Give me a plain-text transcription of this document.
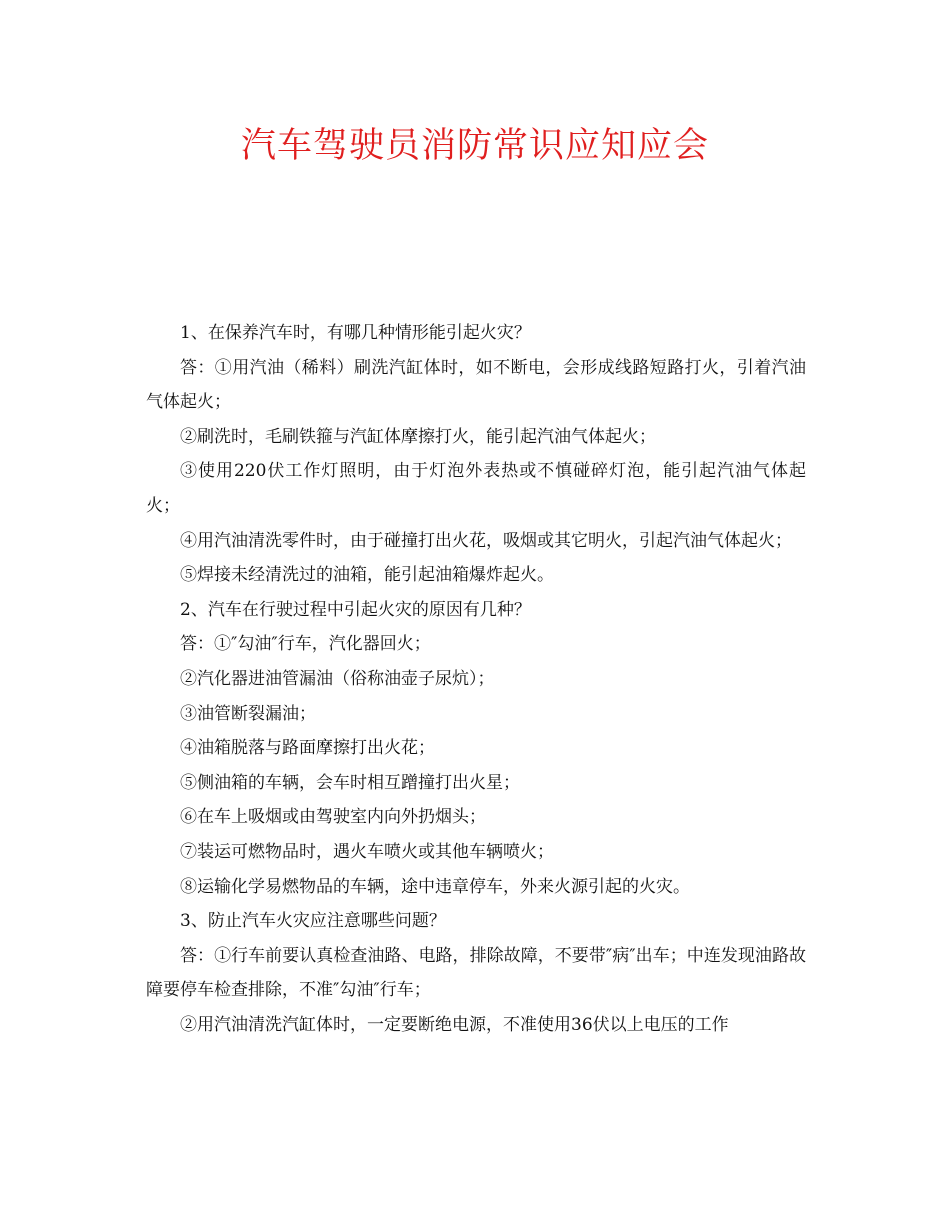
汽车驾驶员消防常识应知应会

1、在保养汽车时，有哪几种情形能引起火灾？

答：①用汽油（稀料）刷洗汽缸体时，如不断电，会形成线路短路打火，引着汽油气体起火；

②刷洗时，毛刷铁箍与汽缸体摩擦打火，能引起汽油气体起火；

③使用220伏工作灯照明，由于灯泡外表热或不慎碰碎灯泡，能引起汽油气体起火；

④用汽油清洗零件时，由于碰撞打出火花，吸烟或其它明火，引起汽油气体起火；

⑤焊接未经清洗过的油箱，能引起油箱爆炸起火。

2、汽车在行驶过程中引起火灾的原因有几种？

答：①″勾油″行车，汽化器回火；

②汽化器进油管漏油（俗称油壶子尿炕）；

③油管断裂漏油；

④油箱脱落与路面摩擦打出火花；

⑤侧油箱的车辆，会车时相互蹭撞打出火星；

⑥在车上吸烟或由驾驶室内向外扔烟头；

⑦装运可燃物品时，遇火车喷火或其他车辆喷火；

⑧运输化学易燃物品的车辆，途中违章停车，外来火源引起的火灾。

3、防止汽车火灾应注意哪些问题？

答：①行车前要认真检查油路、电路，排除故障，不要带″病″出车；中连发现油路故障要停车检查排除，不准″勾油″行车；

②用汽油清洗汽缸体时，一定要断绝电源，不准使用36伏以上电压的工作
